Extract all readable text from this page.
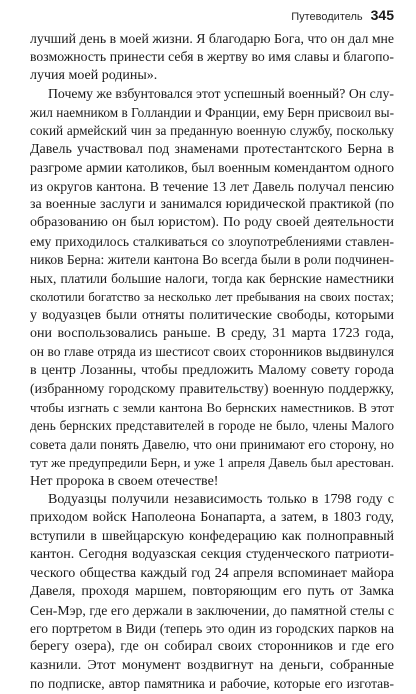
Путеводитель 345
лучший день в моей жизни. Я благодарю Бога, что он дал мне
возможность принести себя в жертву во имя славы и благопо-
лучия моей родины».
Почему же взбунтовался этот успешный военный? Он слу-
жил наемником в Голландии и Франции, ему Берн присвоил вы-
сокий армейский чин за преданную военную службу, поскольку
Давель участвовал под знаменами протестантского Берна в
разгроме армии католиков, был военным комендантом одного
из округов кантона. В течение 13 лет Давель получал пенсию
за военные заслуги и занимался юридической практикой (по
образованию он был юристом). По роду своей деятельности
ему приходилось сталкиваться со злоупотреблениями ставлен-
ников Берна: жители кантона Во всегда были в роли подчинен-
ных, платили большие налоги, тогда как бернские наместники
сколотили богатство за несколько лет пребывания на своих постах;
у водуазцев были отняты политические свободы, которыми
они воспользовались раньше. В среду, 31 марта 1723 года,
он во главе отряда из шестисот своих сторонников выдвинулся
в центр Лозанны, чтобы предложить Малому совету города
(избранному городскому правительству) военную поддержку,
чтобы изгнать с земли кантона Во бернских наместников. В этот
день бернских представителей в городе не было, члены Малого
совета дали понять Давелю, что они принимают его сторону, но
тут же предупредили Берн, и уже 1 апреля Давель был арестован.
Нет пророка в своем отечестве!
Водуазцы получили независимость только в 1798 году с
приходом войск Наполеона Бонапарта, а затем, в 1803 году,
вступили в швейцарскую конфедерацию как полноправный
кантон. Сегодня водуазская секция студенческого патриоти-
ческого общества каждый год 24 апреля вспоминает майора
Давеля, проходя маршем, повторяющим его путь от Замка
Сен-Мэр, где его держали в заключении, до памятной стелы с
его портретом в Види (теперь это один из городских парков на
берегу озера), где он собирал своих сторонников и где его
казнили. Этот монумент воздвигнут на деньги, собранные
по подписке, автор памятника и рабочие, которые его изготав-
